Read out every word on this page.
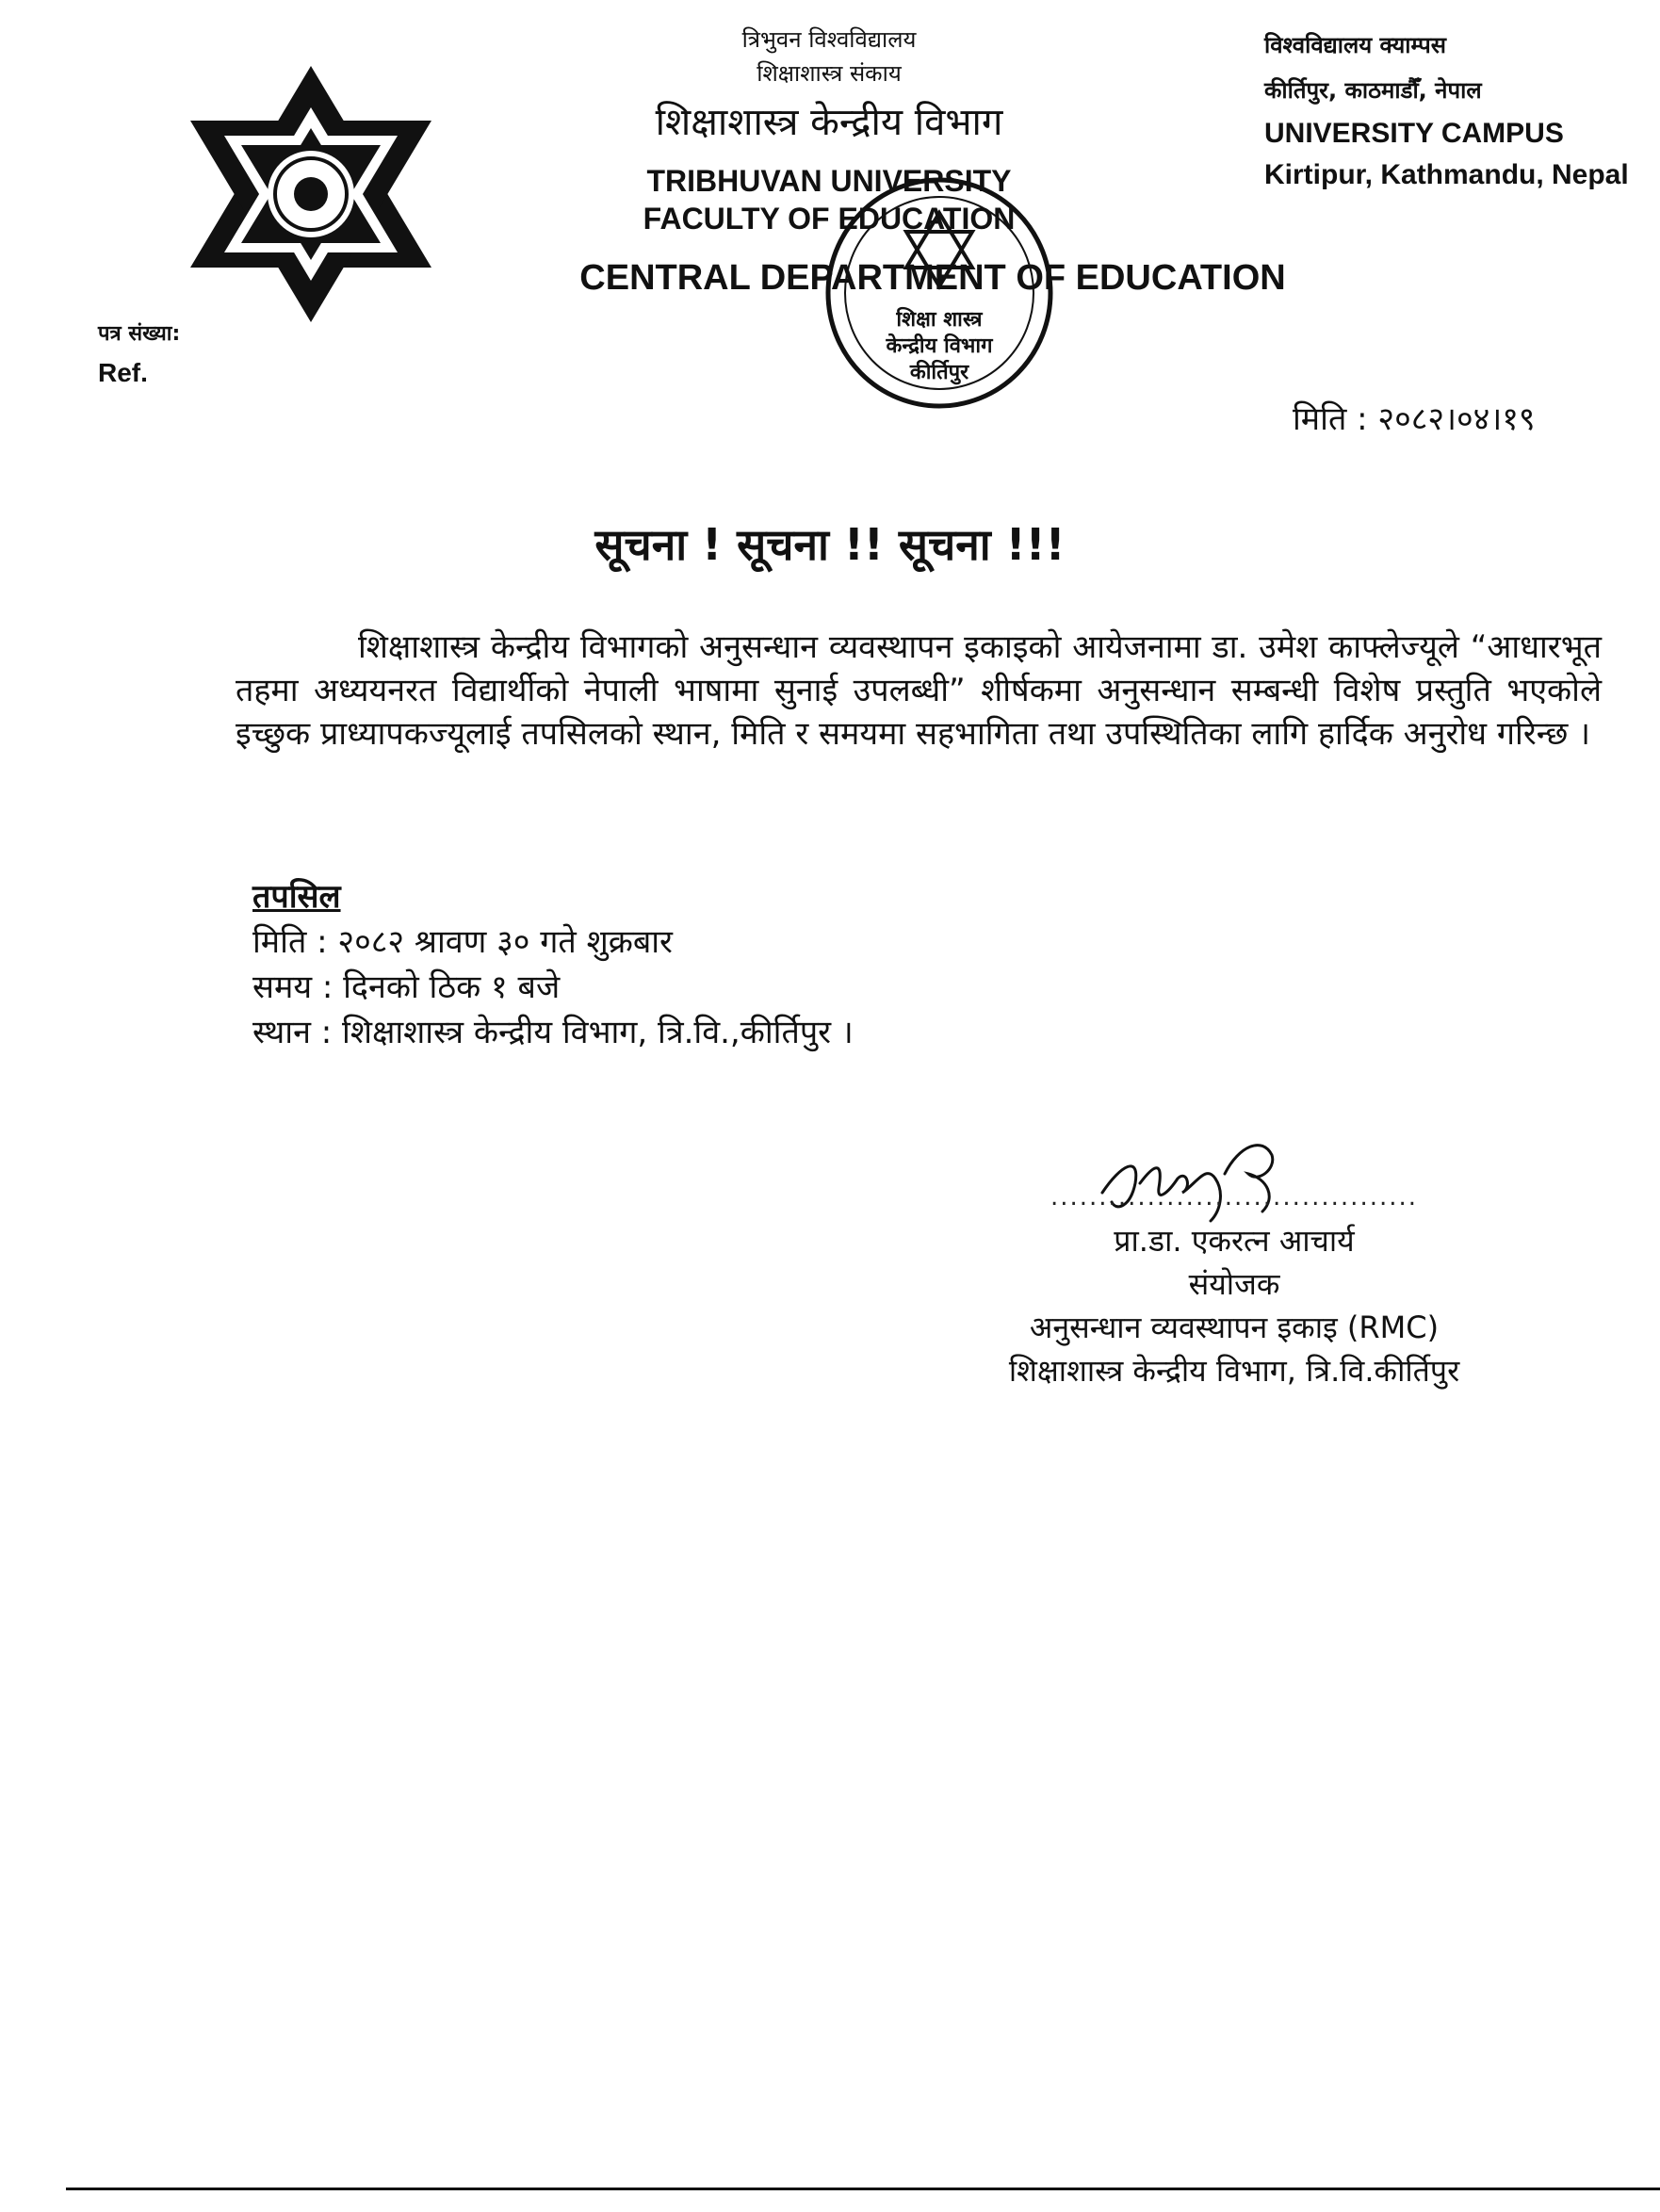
पत्र संख्या:
Ref.
त्रिभुवन विश्वविद्यालय
शिक्षाशास्त्र संकाय
शिक्षाशास्त्र केन्द्रीय विभाग
TRIBHUVAN UNIVERSITY
FACULTY OF EDUCATION
CENTRAL DEPARTMENT OF EDUCATION
विश्वविद्यालय क्याम्पस
कीर्तिपुर, काठमाडौँ, नेपाल
UNIVERSITY CAMPUS
Kirtipur, Kathmandu, Nepal
शिक्षा शास्त्र
केन्द्रीय विभाग
कीर्तिपुर
मिति : २०८२।०४।१९
सूचना ! सूचना !! सूचना !!!
शिक्षाशास्त्र केन्द्रीय विभागको अनुसन्धान व्यवस्थापन इकाइको आयेजनामा डा. उमेश काफ्लेज्यूले “आधारभूत तहमा अध्ययनरत विद्यार्थीको नेपाली भाषामा सुनाई उपलब्धी” शीर्षकमा अनुसन्धान सम्बन्धी विशेष प्रस्तुति भएकोले इच्छुक प्राध्यापकज्यूलाई तपसिलको स्थान, मिति र समयमा सहभागिता तथा उपस्थितिका लागि हार्दिक अनुरोध गरिन्छ ।
तपसिल
मिति : २०८२ श्रावण ३० गते शुक्रबार
समय : दिनको ठिक १ बजे
स्थान : शिक्षाशास्त्र केन्द्रीय विभाग, त्रि.वि.,कीर्तिपुर ।
......................................
प्रा.डा. एकरत्न आचार्य
संयोजक
अनुसन्धान व्यवस्थापन इकाइ (RMC)
शिक्षाशास्त्र केन्द्रीय विभाग, त्रि.वि.कीर्तिपुर
